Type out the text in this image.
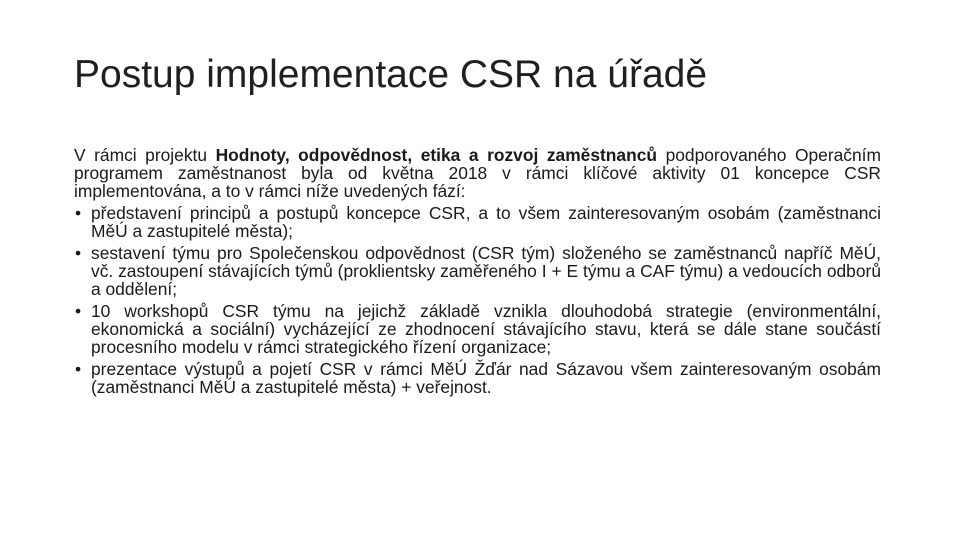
Postup implementace CSR na úřadě

V rámci projektu Hodnoty, odpovědnost, etika a rozvoj zaměstnanců podporovaného Operačním programem zaměstnanost byla od května 2018 v rámci klíčové aktivity 01 koncepce CSR implementována, a to v rámci níže uvedených fází:

• představení principů a postupů koncepce CSR, a to všem zainteresovaným osobám (zaměstnanci MěÚ a zastupitelé města);
• sestavení týmu pro Společenskou odpovědnost (CSR tým) složeného se zaměstnanců napříč MěÚ, vč. zastoupení stávajících týmů (proklientsky zaměřeného I + E týmu a CAF týmu) a vedoucích odborů a oddělení;
• 10 workshopů CSR týmu na jejichž základě vznikla dlouhodobá strategie (environmentální, ekonomická a sociální) vycházející ze zhodnocení stávajícího stavu, která se dále stane součástí procesního modelu v rámci strategického řízení organizace;
• prezentace výstupů a pojetí CSR v rámci MěÚ Žďár nad Sázavou všem zainteresovaným osobám (zaměstnanci MěÚ a zastupitelé města) + veřejnost.
